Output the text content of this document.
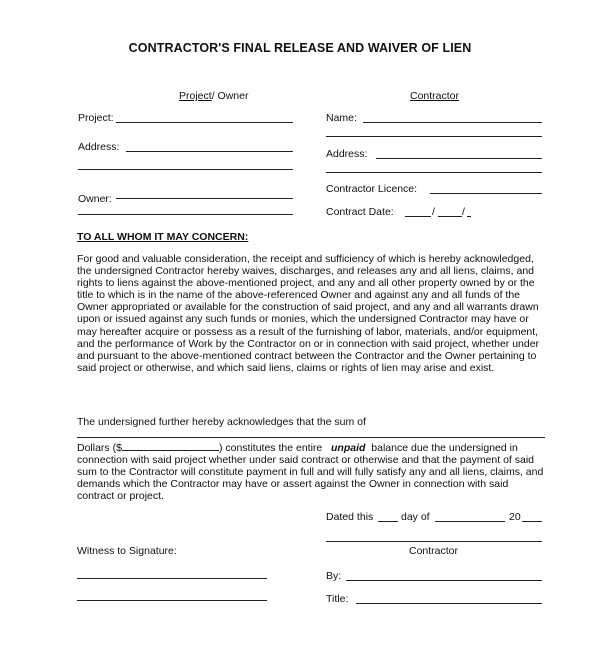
CONTRACTOR'S FINAL RELEASE AND WAIVER OF LIEN
Project/ Owner
Project:
Address:
Owner:
Contractor
Name:
Address:
Contractor Licence:
Contract Date:	/	/
TO ALL WHOM IT MAY CONCERN:
For good and valuable consideration, the receipt and sufficiency of which is hereby acknowledged, the undersigned Contractor hereby waives, discharges, and releases any and all liens, claims, and rights to liens against the above-mentioned project, and any and all other property owned by or the title to which is in the name of the above-referenced Owner and against any and all funds of the Owner appropriated or available for the construction of said project, and any and all warrants drawn upon or issued against any such funds or monies, which the undersigned Contractor may have or may hereafter acquire or possess as a result of the furnishing of labor, materials, and/or equipment, and the performance of Work by the Contractor on or in connection with said project, whether under and pursuant to the above-mentioned contract between the Contractor and the Owner pertaining to said project or otherwise, and which said liens, claims or rights of lien may arise and exist.
The undersigned further hereby acknowledges that the sum of
Dollars ($	) constitutes the entire unpaid balance due the undersigned in connection with said project whether under said contract or otherwise and that the payment of said sum to the Contractor will constitute payment in full and will fully satisfy any and all liens, claims, and demands which the Contractor may have or assert against the Owner in connection with said contract or project.
Dated this	day of	20
Witness to Signature:	Contractor
By:
Title:
